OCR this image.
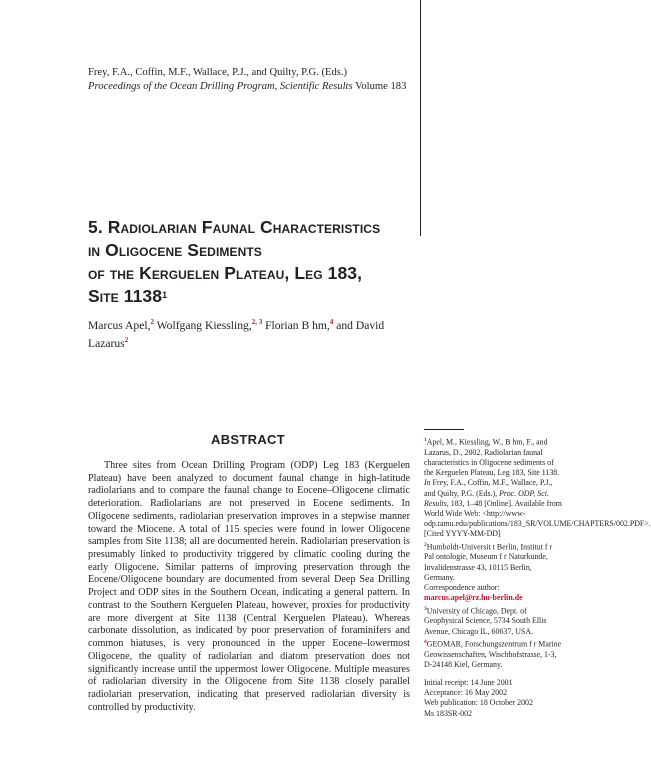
Frey, F.A., Coffin, M.F., Wallace, P.J., and Quilty, P.G. (Eds.)
Proceedings of the Ocean Drilling Program, Scientific Results Volume 183
5. Radiolarian Faunal Characteristics
in Oligocene Sediments
of the Kerguelen Plateau, Leg 183,
Site 1138$^1$
Marcus Apel,$^2$ Wolfgang Kiessling,$^{2, 3}$ Florian B hm,$^4$ and David Lazarus$^2$
ABSTRACT

Three sites from Ocean Drilling Program (ODP) Leg 183 (Kerguelen Plateau) have been analyzed to document faunal change in high-latitude radiolarians and to compare the faunal change to Eocene–Oligocene climatic deterioration. Radiolarians are not preserved in Eocene sediments. In Oligocene sediments, radiolarian preservation improves in a stepwise manner toward the Miocene. A total of 115 species were found in lower Oligocene samples from Site 1138; all are documented herein. Radiolarian preservation is presumably linked to productivity triggered by climatic cooling during the early Oligocene. Similar patterns of improving preservation through the Eocene/Oligocene boundary are documented from several Deep Sea Drilling Project and ODP sites in the Southern Ocean, indicating a general pattern. In contrast to the Southern Kerguelen Plateau, however, proxies for productivity are more divergent at Site 1138 (Central Kerguelen Plateau). Whereas carbonate dissolution, as indicated by poor preservation of foraminifers and common hiatuses, is very pronounced in the upper Eocene–lowermost Oligocene, the quality of radiolarian and diatom preservation does not significantly increase until the uppermost lower Oligocene. Multiple measures of radiolarian diversity in the Oligocene from Site 1138 closely parallel radiolarian preservation, indicating that preserved radiolarian diversity is controlled by productivity.

$^1$Apel, M., Kiessling, W., B hm, F., and Lazarus, D., 2002. Radiolarian faunal characteristics in Oligocene sediments of the Kerguelen Plateau, Leg 183, Site 1138. In Frey, F.A., Coffin, M.F., Wallace, P.J., and Quilty, P.G. (Eds.), Proc. ODP, Sci. Results, 183, 1–48 [Online]. Available from World Wide Web: <http://www-odp.tamu.edu/publications/183_SR/VOLUME/CHAPTERS/002.PDF>. [Cited YYYY-MM-DD]

$^2$Humboldt-Universit t Berlin, Institut f r Pal ontologie, Museum f r Naturkunde, Invalidenstrasse 43, 10115 Berlin, Germany.

Correspondence author:

marcus.apel@rz.hu-berlin.de

$^3$University of Chicago, Dept. of Geophysical Science, 5734 South Ellis Avenue, Chicago IL, 60637, USA.

$^4$GEOMAR, Forschungszentrum f r Marine Geowissenschaften, Wischhofstrasse, 1-3, D-24148 Kiel, Germany.

Initial receipt: 14 June 2001

Acceptance: 16 May 2002

Web publication: 18 October 2002

Ms 183SR-002
